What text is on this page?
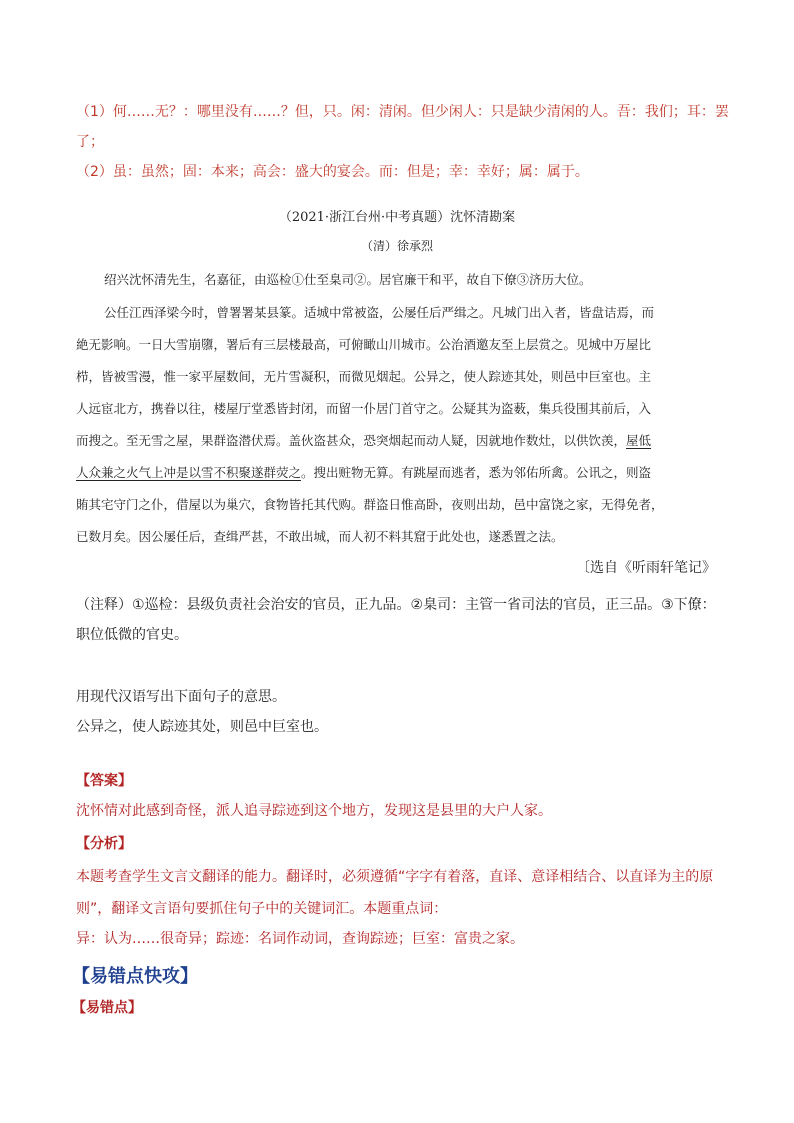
（1）何……无？：哪里没有……？但，只。闲：清闲。但少闲人：只是缺少清闲的人。吾：我们；耳：罢
了；
（2）虽：虽然；固：本来；高会：盛大的宴会。而：但是；幸：幸好；属：属于。
（2021·浙江台州·中考真题）沈怀清勘案
（清）徐承烈
绍兴沈怀清先生，名嘉征，由巡检①仕至臬司②。居官廉干和平，故自下僚③济历大位。
公任江西泽梁今时，曾署署某县篆。适城中常被盗，公屡任后严缉之。凡城门出入者，皆盘诘焉，而
絶无影响。一日大雪崩隳，署后有三层楼最高，可俯瞰山川城市。公治酒邀友至上层赏之。见城中万屋比
栉，皆被雪漫，惟一家平屋数间，无片雪凝积，而微见烟起。公异之，使人踪迹其处，则邑中巨室也。主
人远宦北方，携眷以往，楼屋厅堂悉皆封闭，而留一仆居门首守之。公疑其为盗薮，集兵役围其前后，入
而搜之。至无雪之屋，果群盗潜伏焉。盖伙盗甚众，恐突烟起而动人疑，因就地作数灶，以供饮羡，屋低
人众兼之火气上冲是以雪不积聚遂群荧之。搜出赃物无算。有跳屋而逃者，悉为邻佑所禽。公讯之，则盗
賄其宅守门之仆，借屋以为巢穴，食物皆托其代购。群盗日惟高卧，夜则出劫，邑中富饶之家，无得免者，
已数月矣。因公屡任后，查缉严甚，不敢出城，而人初不料其窟于此处也，遂悉置之法。
〔选自《听雨轩笔记》
（注释）①巡检：县级负责社会治安的官员，正九品。②臬司：主管一省司法的官员，正三品。③下僚：
职位低微的官史。
用现代汉语写出下面句子的意思。
公异之，使人踪迹其处，则邑中巨室也。
【答案】
沈怀情对此感到奇怪，派人追寻踪迹到这个地方，发现这是县里的大户人家。
【分析】
本题考查学生文言文翻译的能力。翻译时，必须遵循“字字有着落，直译、意译相结合、以直译为主的原
则”，翻译文言语句要抓住句子中的关键词汇。本题重点词：
异：认为……很奇异；踪迹：名词作动词，查询踪迹；巨室：富贵之家。
【易错点快攻】
【易错点】
